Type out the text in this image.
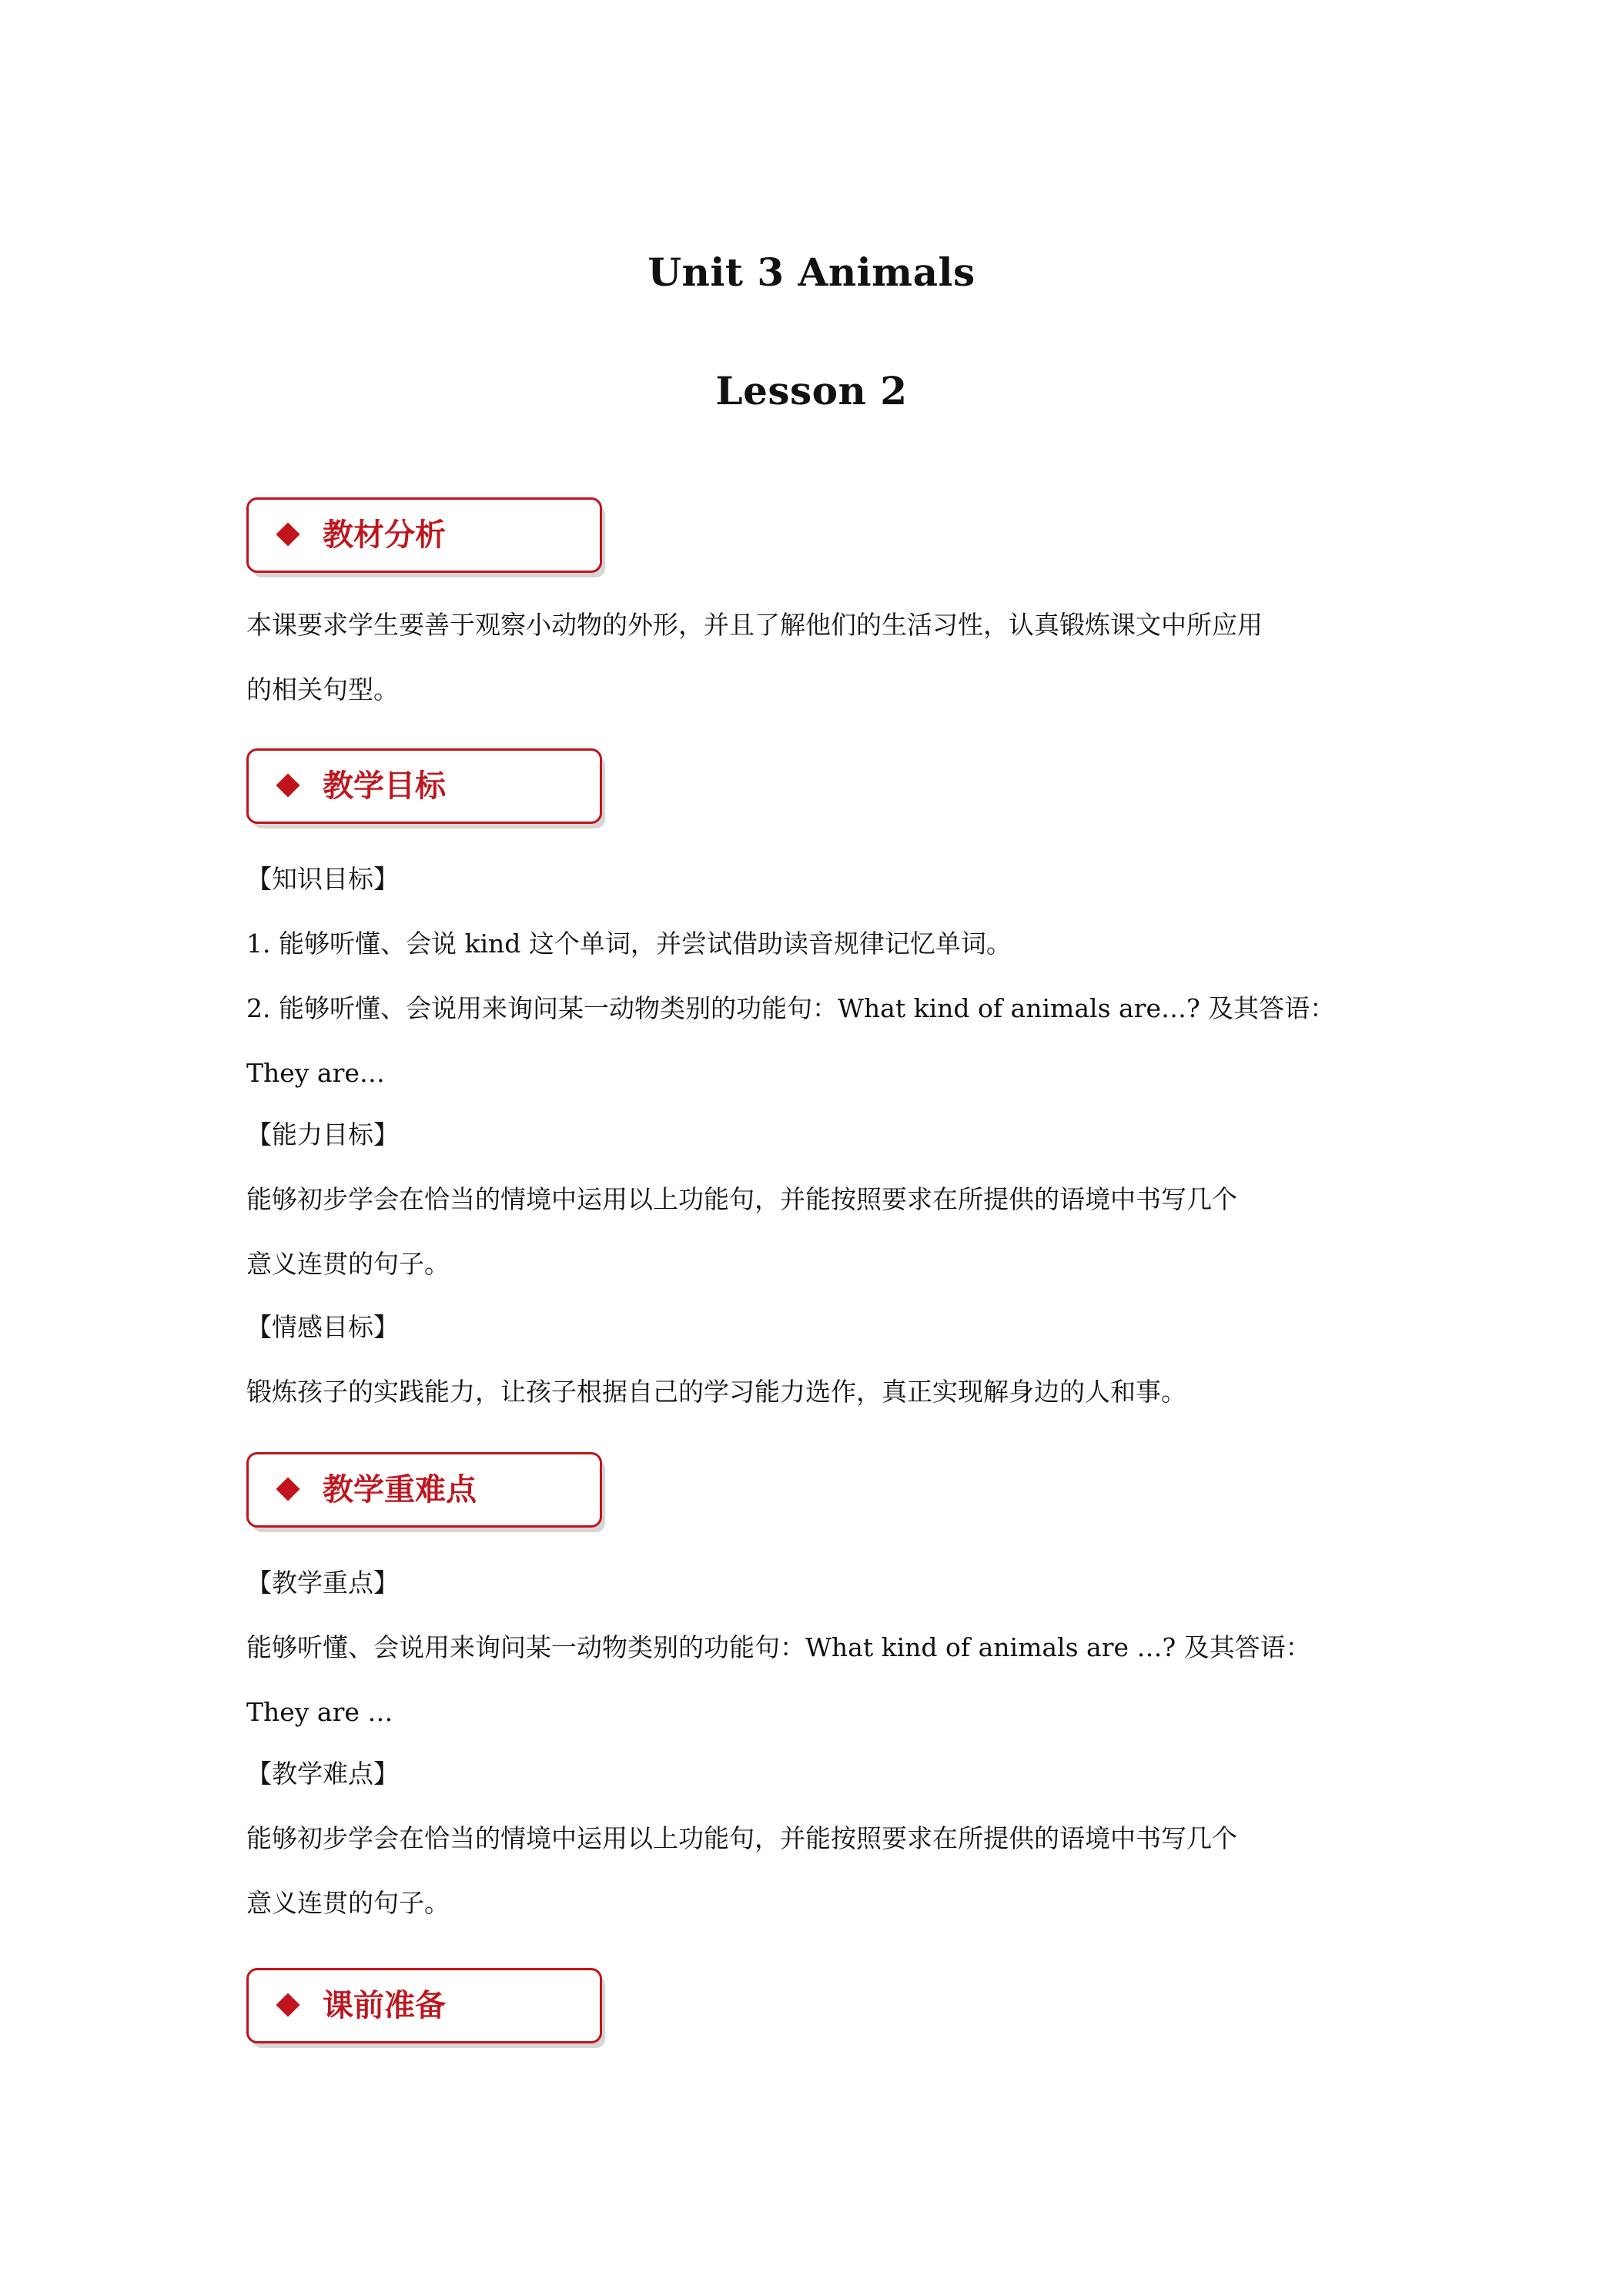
Unit 3 Animals
Lesson 2
教材分析
本课要求学生要善于观察小动物的外形，并且了解他们的生活习性，认真锻炼课文中所应用
的相关句型。
教学目标
【知识目标】
1. 能够听懂、会说 kind 这个单词，并尝试借助读音规律记忆单词。
2. 能够听懂、会说用来询问某一动物类别的功能句：What kind of animals are…? 及其答语：
They are…
【能力目标】
能够初步学会在恰当的情境中运用以上功能句，并能按照要求在所提供的语境中书写几个
意义连贯的句子。
【情感目标】
锻炼孩子的实践能力，让孩子根据自己的学习能力选作，真正实现解身边的人和事。
教学重难点
【教学重点】
能够听懂、会说用来询问某一动物类别的功能句：What kind of animals are …? 及其答语：
They are …
【教学难点】
能够初步学会在恰当的情境中运用以上功能句，并能按照要求在所提供的语境中书写几个
意义连贯的句子。
课前准备
